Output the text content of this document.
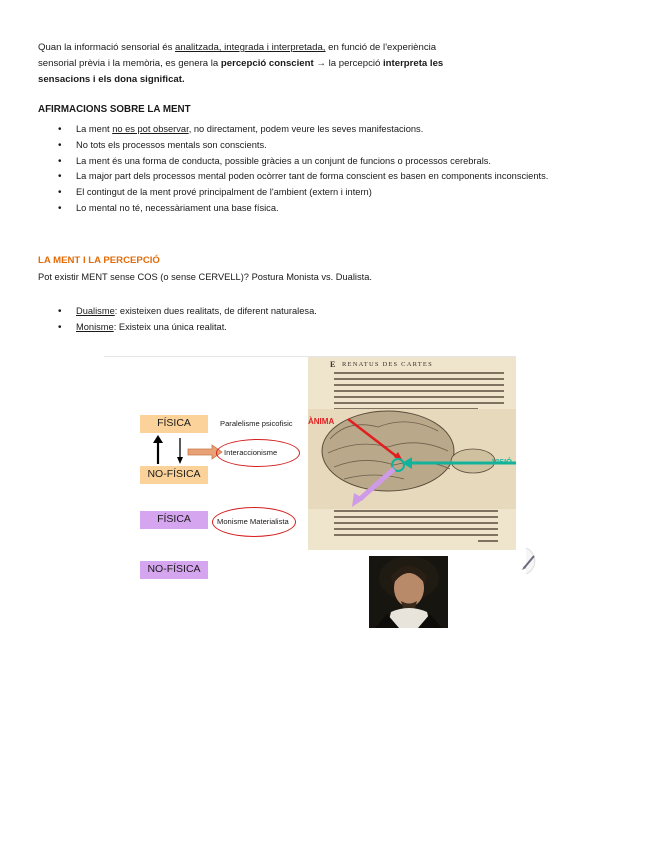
Quan la informació sensorial és analitzada, integrada i interpretada, en funció de l'experiència
sensorial prèvia i la memòria, es genera la percepció conscient → la percepció interpreta les
sensacions i els dona significat.
AFIRMACIONS SOBRE LA MENT
• La ment no es pot observar, no directament, podem veure les seves manifestacions.
• No tots els processos mentals son conscients.
• La ment és una forma de conducta, possible gràcies a un conjunt de funcions o processos cerebrals.
• La major part dels processos mental poden ocòrrer tant de forma conscient es basen en components inconscients.
• El contingut de la ment prové principalment de l'ambient (extern i intern)
• Lo mental no té, necessàriament una base física.
LA MENT I LA PERCEPCIÓ
Pot existir MENT sense COS (o sense CERVELL)? Postura Monista vs. Dualista.
• Dualisme: existeixen dues realitats, de diferent naturalesa.
• Monisme: Existeix una única realitat.
FÍSICA
NO-FÍSICA
FÍSICA
NO-FÍSICA
Paralelisme psicofisic
Interaccionisme
Monisme Materialista
RENATUS DES CARTES
E
ÀNIMA
VISIÓ
